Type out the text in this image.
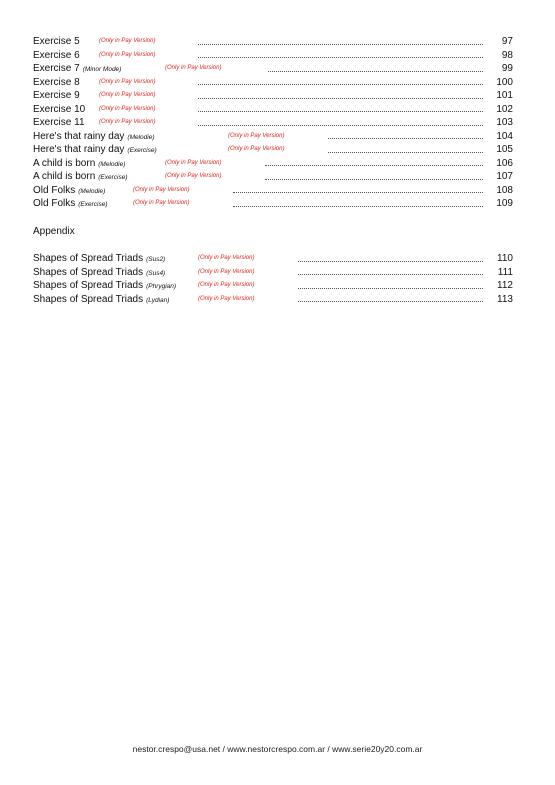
Exercise 5	(Only in Pay Version)	97
Exercise 6	(Only in Pay Version)	98
Exercise 7 (Minor Mode)	(Only in Pay Version)	99
Exercise 8	(Only in Pay Version)	100
Exercise 9	(Only in Pay Version)	101
Exercise 10	(Only in Pay Version)	102
Exercise 11	(Only in Pay Version)	103
Here's that rainy day (Melodie)	(Only in Pay Version)	104
Here's that rainy day (Exercise)	(Only in Pay Version)	105
A child is born (Melodie)	(Only in Pay Version)	106
A child is born (Exercise)	(Only in Pay Version)	107
Old Folks (Melodie)	(Only in Pay Version)	108
Old Folks (Exercise)	(Only in Pay Version)	109
Appendix
Shapes of Spread Triads (Sus2)	(Only in Pay Version)	110
Shapes of Spread Triads (Sus4)	(Only in Pay Version)	111
Shapes of Spread Triads (Phrygian)	(Only in Pay Version)	112
Shapes of Spread Triads (Lydian)	(Only in Pay Version)	113
nestor.crespo@usa.net / www.nestorcrespo.com.ar / www.serie20y20.com.ar
